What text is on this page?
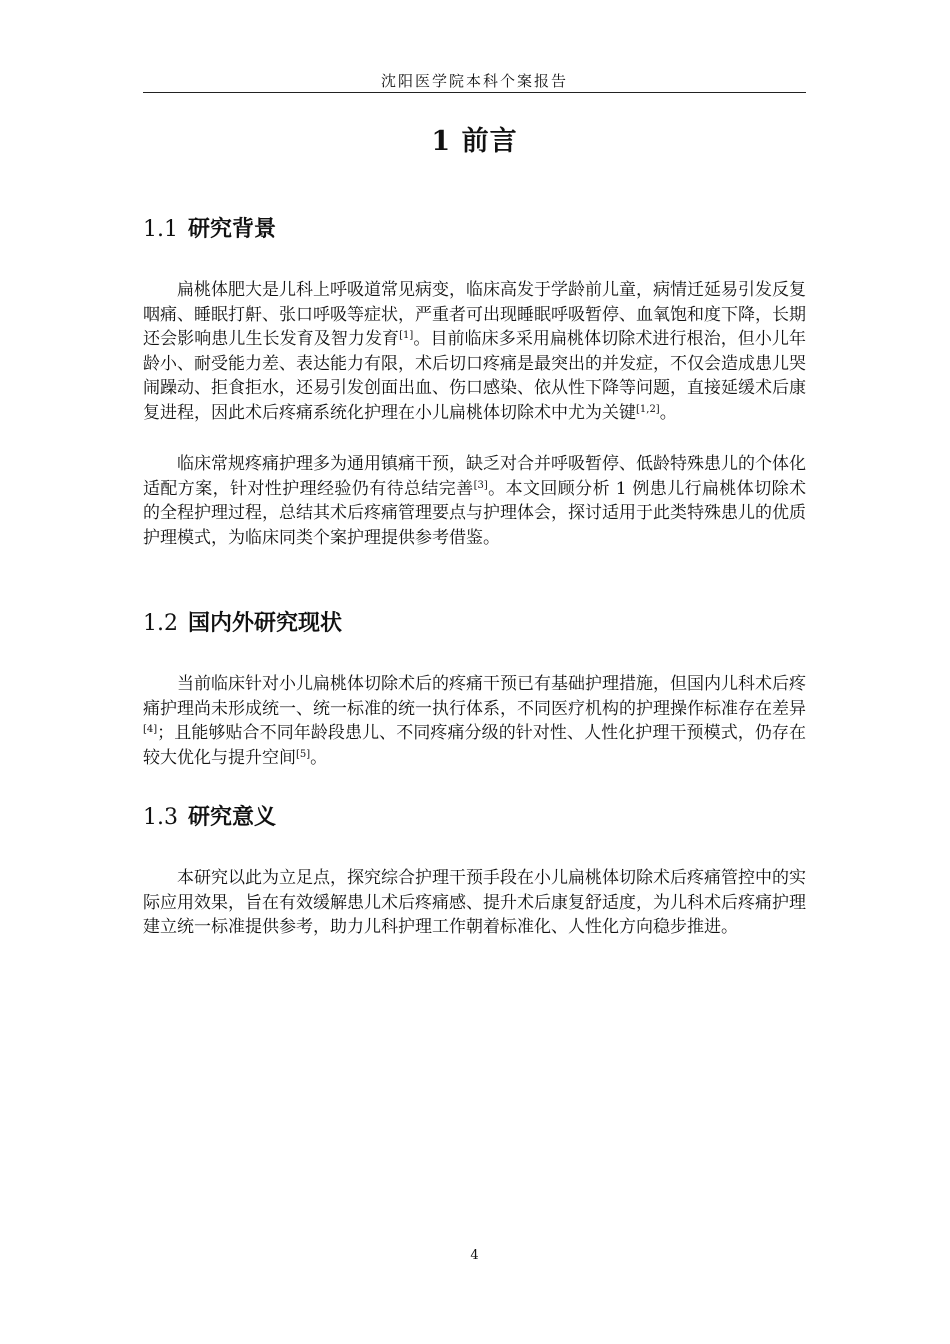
沈阳医学院本科个案报告
1 前言
1.1 研究背景

扁桃体肥大是儿科上呼吸道常见病变，临床高发于学龄前儿童，病情迁延易引发反复咽痛、睡眠打鼾、张口呼吸等症状，严重者可出现睡眠呼吸暂停、血氧饱和度下降，长期还会影响患儿生长发育及智力发育[1]。目前临床多采用扁桃体切除术进行根治，但小儿年龄小、耐受能力差、表达能力有限，术后切口疼痛是最突出的并发症，不仅会造成患儿哭闹躁动、拒食拒水，还易引发创面出血、伤口感染、依从性下降等问题，直接延缓术后康复进程，因此术后疼痛系统化护理在小儿扁桃体切除术中尤为关键[1,2]。

临床常规疼痛护理多为通用镇痛干预，缺乏对合并呼吸暂停、低龄特殊患儿的个体化适配方案，针对性护理经验仍有待总结完善[3]。本文回顾分析 1 例患儿行扁桃体切除术的全程护理过程，总结其术后疼痛管理要点与护理体会，探讨适用于此类特殊患儿的优质护理模式，为临床同类个案护理提供参考借鉴。

1.2 国内外研究现状

当前临床针对小儿扁桃体切除术后的疼痛干预已有基础护理措施，但国内儿科术后疼痛护理尚未形成统一、统一标准的统一执行体系，不同医疗机构的护理操作标准存在差异[4]；且能够贴合不同年龄段患儿、不同疼痛分级的针对性、人性化护理干预模式，仍存在较大优化与提升空间[5]。

1.3 研究意义

本研究以此为立足点，探究综合护理干预手段在小儿扁桃体切除术后疼痛管控中的实际应用效果，旨在有效缓解患儿术后疼痛感、提升术后康复舒适度，为儿科术后疼痛护理建立统一标准提供参考，助力儿科护理工作朝着标准化、人性化方向稳步推进。

4
